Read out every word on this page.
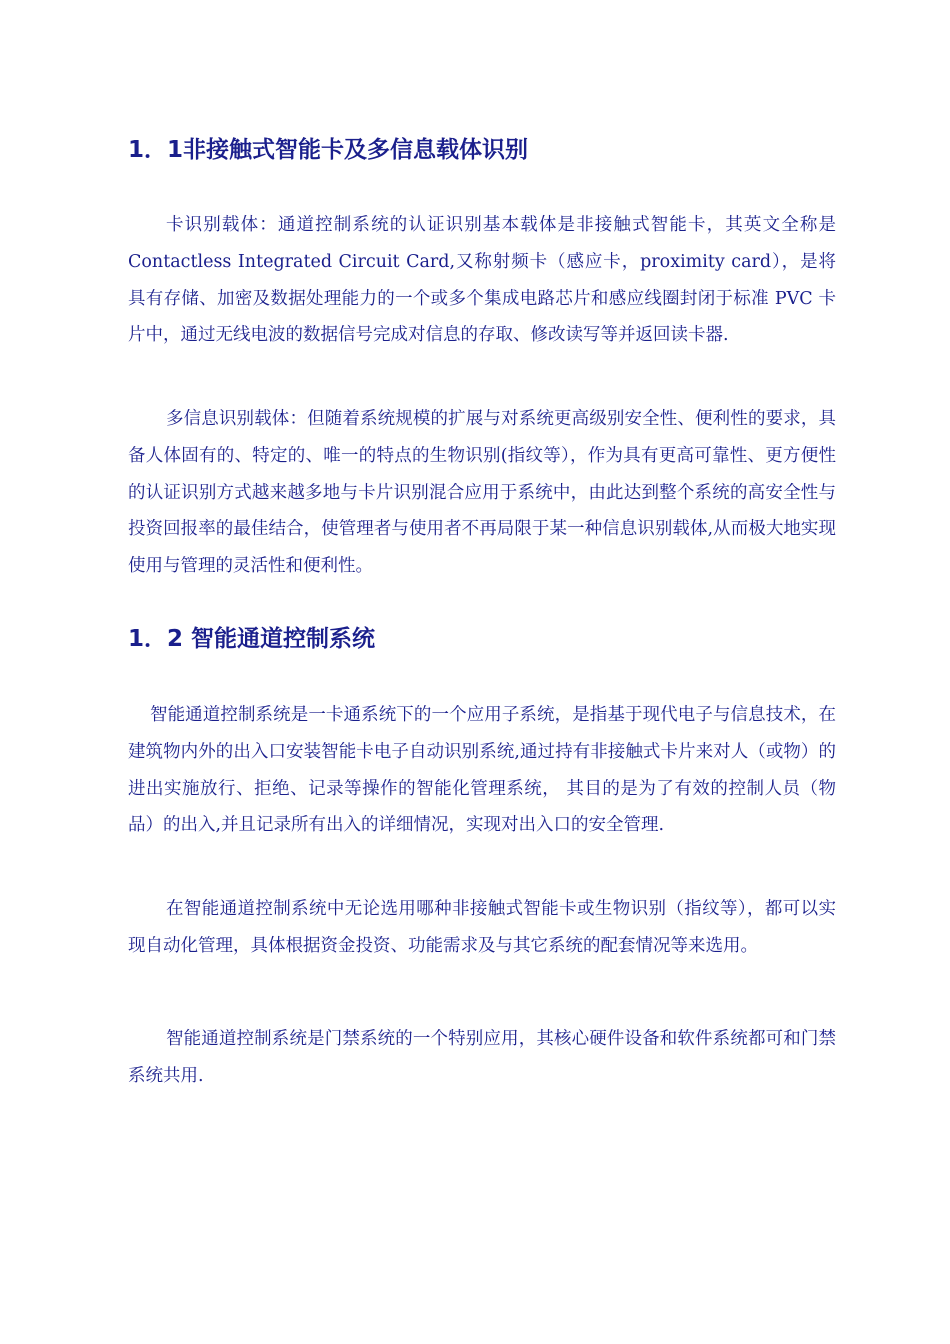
1．1非接触式智能卡及多信息载体识别

卡识别载体：通道控制系统的认证识别基本载体是非接触式智能卡，其英文全称是 Contactless Integrated Circuit Card,又称射频卡（感应卡，proximity card），是将具有存储、加密及数据处理能力的一个或多个集成电路芯片和感应线圈封闭于标准 PVC 卡片中，通过无线电波的数据信号完成对信息的存取、修改读写等并返回读卡器.

多信息识别载体：但随着系统规模的扩展与对系统更高级别安全性、便利性的要求，具备人体固有的、特定的、唯一的特点的生物识别(指纹等），作为具有更高可靠性、更方便性的认证识别方式越来越多地与卡片识别混合应用于系统中，由此达到整个系统的高安全性与投资回报率的最佳结合，使管理者与使用者不再局限于某一种信息识别载体,从而极大地实现使用与管理的灵活性和便利性。

1．2 智能通道控制系统

智能通道控制系统是一卡通系统下的一个应用子系统，是指基于现代电子与信息技术，在建筑物内外的出入口安装智能卡电子自动识别系统,通过持有非接触式卡片来对人（或物）的进出实施放行、拒绝、记录等操作的智能化管理系统， 其目的是为了有效的控制人员（物品）的出入,并且记录所有出入的详细情况，实现对出入口的安全管理.

在智能通道控制系统中无论选用哪种非接触式智能卡或生物识别（指纹等），都可以实现自动化管理，具体根据资金投资、功能需求及与其它系统的配套情况等来选用。

智能通道控制系统是门禁系统的一个特别应用，其核心硬件设备和软件系统都可和门禁系统共用.
